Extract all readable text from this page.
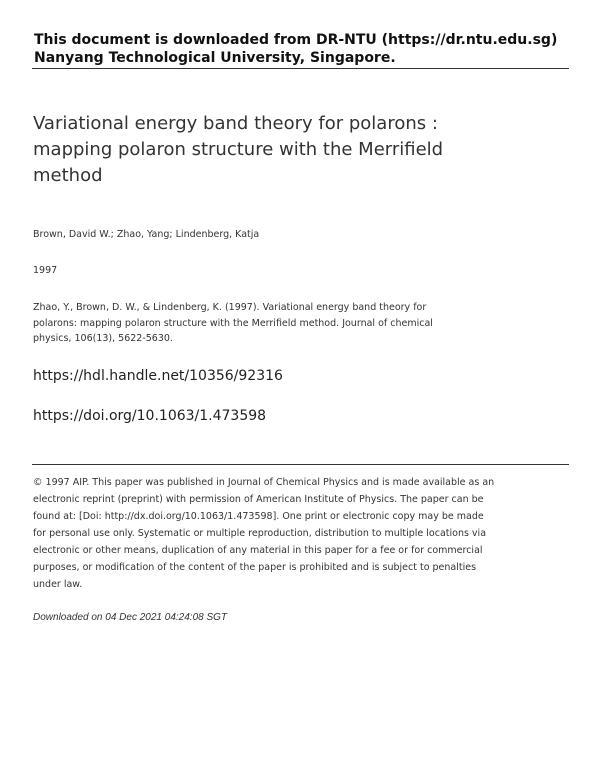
This document is downloaded from DR‑NTU (https://dr.ntu.edu.sg)
Nanyang Technological University, Singapore.
Variational energy band theory for polarons :
mapping polaron structure with the Merrifield
method
Brown, David W.; Zhao, Yang; Lindenberg, Katja
1997
Zhao, Y., Brown, D. W., & Lindenberg, K. (1997). Variational energy band theory for polarons: mapping polaron structure with the Merrifield method. Journal of chemical physics, 106(13), 5622‑5630.
https://hdl.handle.net/10356/92316
https://doi.org/10.1063/1.473598
© 1997 AIP. This paper was published in Journal of Chemical Physics and is made available as an electronic reprint (preprint) with permission of American Institute of Physics. The paper can be found at: [Doi: http://dx.doi.org/10.1063/1.473598]. One print or electronic copy may be made for personal use only. Systematic or multiple reproduction, distribution to multiple locations via electronic or other means, duplication of any material in this paper for a fee or for commercial purposes, or modification of the content of the paper is prohibited and is subject to penalties under law.
Downloaded on 04 Dec 2021 04:24:08 SGT
